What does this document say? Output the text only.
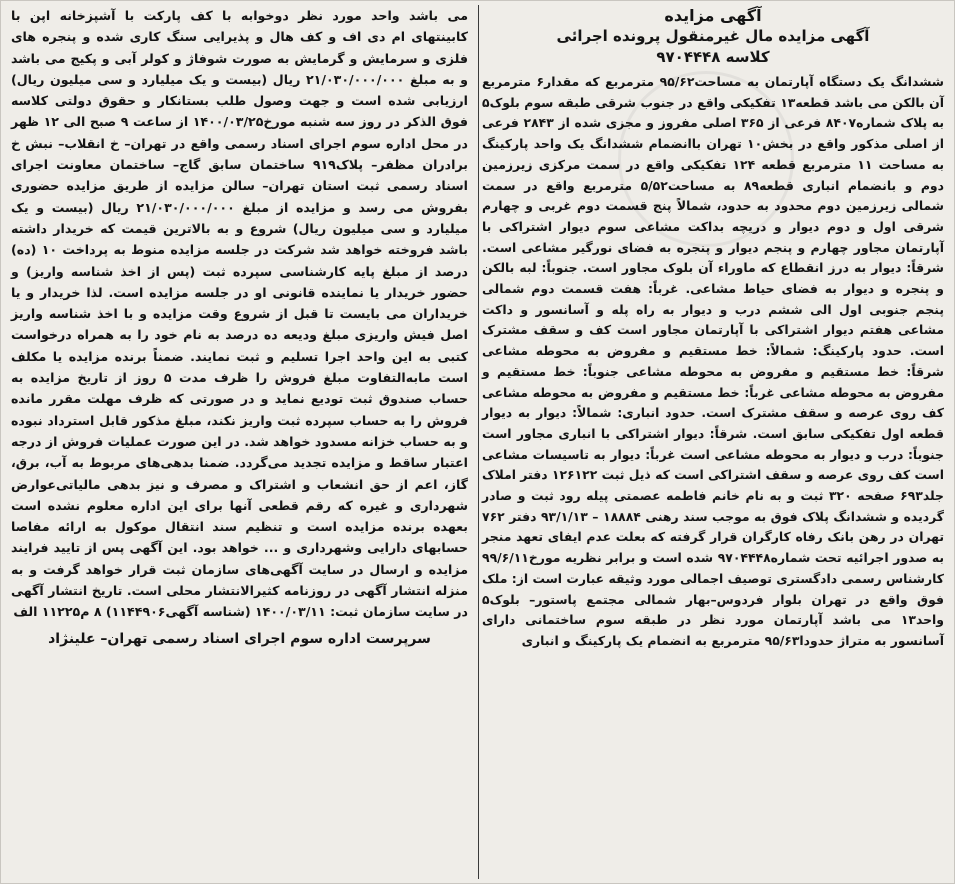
آگهی مزایده
آگهی مزایده مال غیرمنقول پرونده اجرائی
کلاسه ۹۷۰۴۴۴۸

ششدانگ یک دستگاه آپارتمان به مساحت۹۵/۶۲ مترمربع که مقدار۶ مترمربع آن بالکن می باشد قطعه۱۳ تفکیکی واقع در جنوب شرقی طبقه سوم بلوک۵ به پلاک شماره۸۴۰۷ فرعی از ۳۶۵ اصلی مفروز و مجزی شده از ۲۸۴۳ فرعی از اصلی مذکور واقع در بخش۱۰ تهران باانضمام ششدانگ یک واحد پارکینگ به مساحت ۱۱ مترمربع قطعه ۱۲۴ تفکیکی واقع در سمت مرکزی زیرزمین دوم و بانضمام انباری قطعه۸۹ به مساحت۵/۵۲ مترمربع واقع در سمت شمالی زیرزمین دوم محدود به حدود، شمالاً پنج قسمت دوم غربی و چهارم شرقی اول و دوم دیوار و دریچه بداکت مشاعی سوم دیوار اشتراکی با آپارتمان مجاور چهارم و پنجم دیوار و پنجره به فضای نورگیر مشاعی است. شرقاً: دیوار به درز انقطاع که ماوراء آن بلوک مجاور است. جنوباً: لبه بالکن و پنجره و دیوار به فضای حیاط مشاعی. غرباً: هفت قسمت دوم شمالی پنجم جنوبی اول الی ششم درب و دیوار به راه پله و آسانسور و داکت مشاعی هفتم دیوار اشتراکی با آپارتمان مجاور است کف و سقف مشترک است. حدود پارکینگ: شمالاً: خط مستقیم و مفروض به محوطه مشاعی شرقاً: خط مستقیم و مفروض به محوطه مشاعی جنوباً: خط مستقیم و مفروض به محوطه مشاعی غرباً: خط مستقیم و مفروض به محوطه مشاعی کف روی عرصه و سقف مشترک است. حدود انباری: شمالاً: دیوار به دیوار قطعه اول تفکیکی سابق است. شرقاً: دیوار اشتراکی با انباری مجاور است جنوباً: درب و دیوار به محوطه مشاعی است غرباً: دیوار به تاسیسات مشاعی است کف روی عرصه و سقف اشتراکی است که ذیل ثبت ۱۲۶۱۲۲ دفتر املاک جلد۶۹۳ صفحه ۳۲۰ ثبت و به نام خانم فاطمه عصمتی پیله رود ثبت و صادر گردیده و ششدانگ پلاک فوق به موجب سند رهنی ۱۸۸۸۴ – ۹۳/۱/۱۳ دفتر ۷۶۲ تهران در رهن بانک رفاه کارگران قرار گرفته که بعلت عدم ایفای تعهد منجر به صدور اجرائیه تحت شماره۹۷۰۴۴۴۸ شده است و برابر نظریه مورخ۹۹/۶/۱۱ کارشناس رسمی دادگستری توصیف اجمالی مورد وثیقه عبارت است از: ملک فوق واقع در تهران بلوار فردوس–بهار شمالی مجتمع پاستور– بلوک۵ واحد۱۳ می باشد آپارتمان مورد نظر در طبقه سوم ساختمانی دارای آسانسور به متراژ حدودا۹۵/۶۳ مترمربع به انضمام یک پارکینگ و انباری

می باشد واحد مورد نظر دوخوابه با کف پارکت با آشپزخانه اپن با کابینتهای ام دی اف و کف هال و پذیرایی سنگ کاری شده و پنجره های فلزی و سرمایش و گرمایش به صورت شوفاژ و کولر آبی و پکیج می باشد و به مبلغ ۲۱/۰۳۰/۰۰۰/۰۰۰ ریال (بیست و یک میلیارد و سی میلیون ریال) ارزیابی شده است و جهت وصول طلب بستانکار و حقوق دولتی کلاسه فوق الذکر در روز سه شنبه مورخ۱۴۰۰/۰۳/۲۵ از ساعت ۹ صبح الی ۱۲ ظهر در محل اداره سوم اجرای اسناد رسمی واقع در تهران– خ انقلاب– نبش خ برادران مظفر– پلاک۹۱۹ ساختمان سابق گاج– ساختمان معاونت اجرای اسناد رسمی ثبت استان تهران– سالن مزایده از طریق مزایده حضوری بفروش می رسد و مزایده از مبلغ ۲۱/۰۳۰/۰۰۰/۰۰۰ ریال (بیست و یک میلیارد و سی میلیون ریال) شروع و به بالاترین قیمت که خریدار داشته باشد فروخته خواهد شد شرکت در جلسه مزایده منوط به پرداخت ۱۰ (ده) درصد از مبلغ پایه کارشناسی سپرده ثبت (پس از اخذ شناسه واریز) و حضور خریدار یا نماینده قانونی او در جلسه مزایده است. لذا خریدار و یا خریداران می بایست تا قبل از شروع وقت مزایده و با اخذ شناسه واریز اصل فیش واریزی مبلغ ودیعه ده درصد به نام خود را به همراه درخواست کتبی به این واحد اجرا تسلیم و ثبت نمایند. ضمناً برنده مزایده یا مکلف است مابه‌التفاوت مبلغ فروش را ظرف مدت ۵ روز از تاریخ مزایده به حساب صندوق ثبت تودیع نماید و در صورتی که ظرف مهلت مقرر مانده فروش را به حساب سپرده ثبت واریز نکند، مبلغ مذکور قابل استرداد نبوده و به حساب خزانه مسدود خواهد شد. در این صورت عملیات فروش از درجه اعتبار ساقط و مزایده تجدید می‌گردد. ضمنا بدهی‌های مربوط به آب، برق، گاز، اعم از حق انشعاب و اشتراک و مصرف و نیز بدهی مالیاتی‌عوارض شهرداری و غیره که رقم قطعی آنها برای این اداره معلوم نشده است بعهده برنده مزایده است و تنظیم سند انتقال موکول به ارائه مفاصا حسابهای دارایی وشهرداری و ... خواهد بود. این آگهی پس از تایید فرایند مزایده و ارسال در سایت آگهی‌های سازمان ثبت قرار خواهد گرفت و به منزله انتشار آگهی در روزنامه کثیرالانتشار محلی است. تاریخ انتشار آگهی در سایت سازمان ثبت: ۱۴۰۰/۰۳/۱۱ (شناسه آگهی۱۱۴۴۹۰۶) ۸ م۱۱۲۲۵ الف

سرپرست اداره سوم اجرای اسناد رسمی تهران– علینژاد
